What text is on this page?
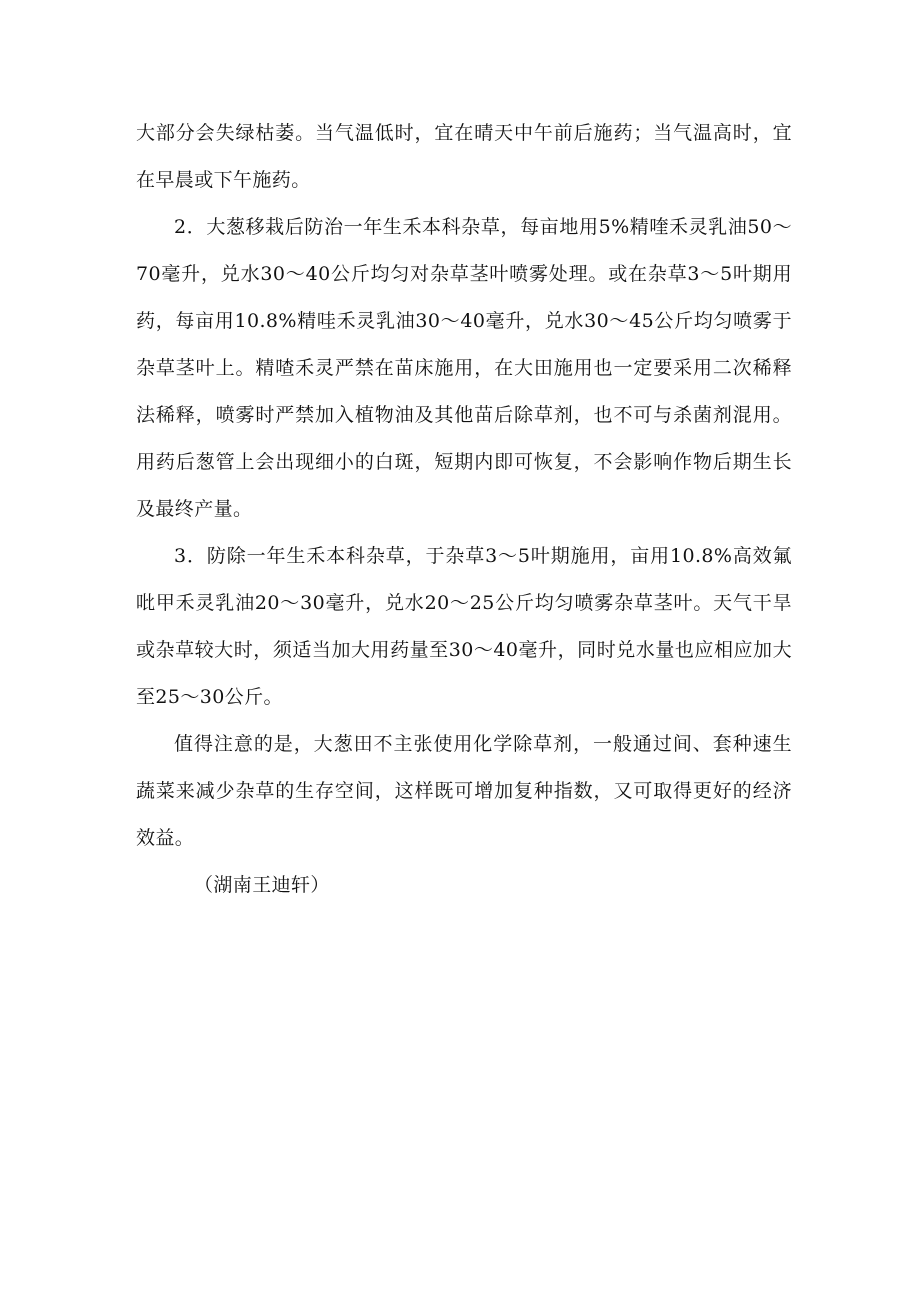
大部分会失绿枯萎。当气温低时，宜在晴天中午前后施药；当气温高时，宜在早晨或下午施药。

2．大葱移栽后防治一年生禾本科杂草，每亩地用5%精喹禾灵乳油50～70毫升，兑水30～40公斤均匀对杂草茎叶喷雾处理。或在杂草3～5叶期用药，每亩用10.8%精哇禾灵乳油30～40毫升，兑水30～45公斤均匀喷雾于杂草茎叶上。精喳禾灵严禁在苗床施用，在大田施用也一定要采用二次稀释法稀释，喷雾时严禁加入植物油及其他苗后除草剂，也不可与杀菌剂混用。用药后葱管上会出现细小的白斑，短期内即可恢复，不会影响作物后期生长及最终产量。

3．防除一年生禾本科杂草，于杂草3～5叶期施用，亩用10.8%高效氟吡甲禾灵乳油20～30毫升，兑水20～25公斤均匀喷雾杂草茎叶。天气干旱或杂草较大时，须适当加大用药量至30～40毫升，同时兑水量也应相应加大至25～30公斤。

值得注意的是，大葱田不主张使用化学除草剂，一般通过间、套种速生蔬菜来减少杂草的生存空间，这样既可增加复种指数，又可取得更好的经济效益。

（湖南王迪轩）
